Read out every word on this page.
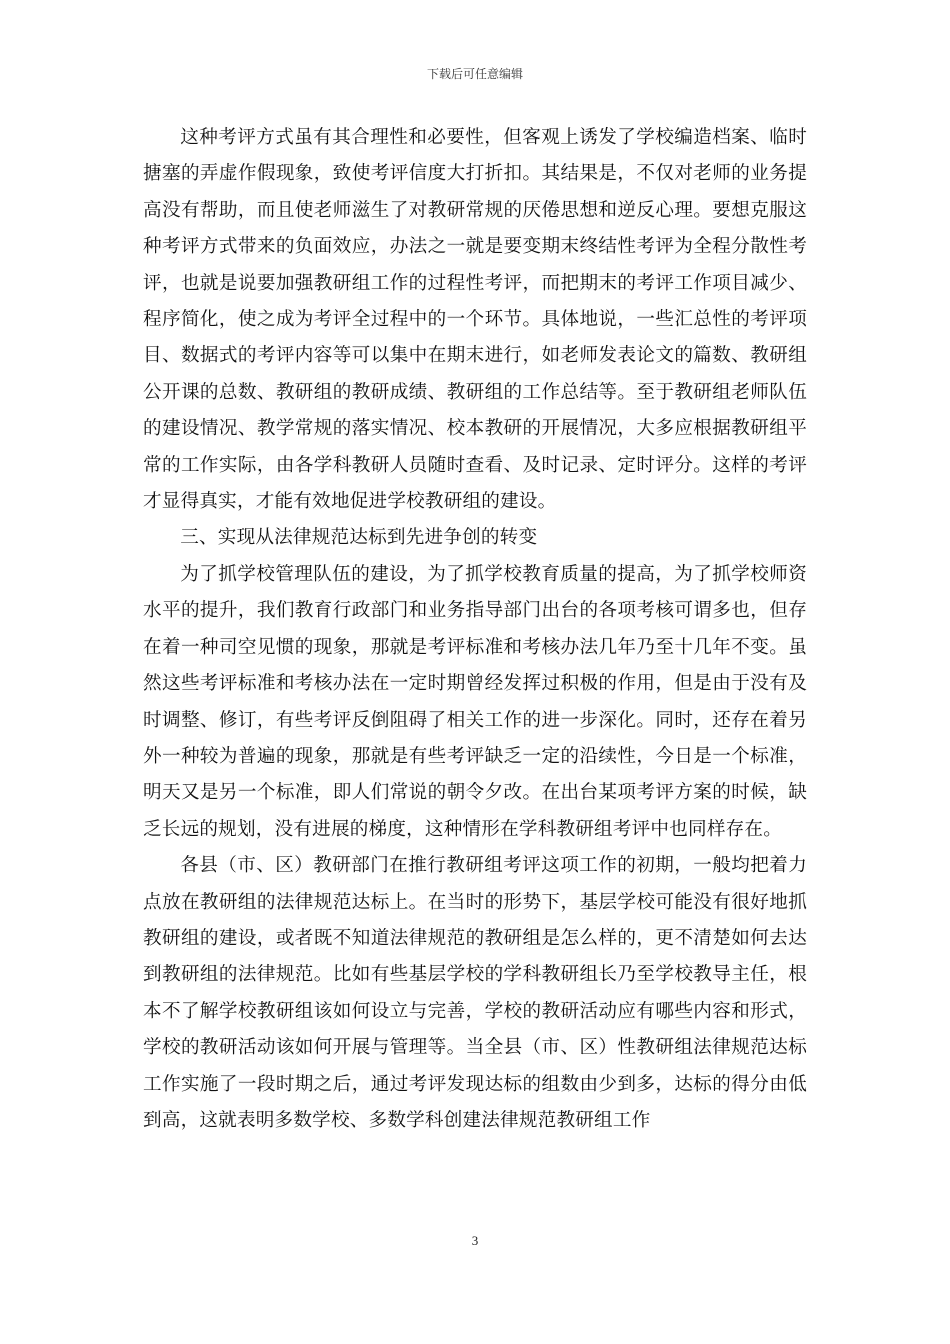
下载后可任意编辑

这种考评方式虽有其合理性和必要性，但客观上诱发了学校编造档案、临时搪塞的弄虚作假现象，致使考评信度大打折扣。其结果是，不仅对老师的业务提高没有帮助，而且使老师滋生了对教研常规的厌倦思想和逆反心理。要想克服这种考评方式带来的负面效应，办法之一就是要变期末终结性考评为全程分散性考评，也就是说要加强教研组工作的过程性考评，而把期末的考评工作项目减少、程序简化，使之成为考评全过程中的一个环节。具体地说，一些汇总性的考评项目、数据式的考评内容等可以集中在期末进行，如老师发表论文的篇数、教研组公开课的总数、教研组的教研成绩、教研组的工作总结等。至于教研组老师队伍的建设情况、教学常规的落实情况、校本教研的开展情况，大多应根据教研组平常的工作实际，由各学科教研人员随时查看、及时记录、定时评分。这样的考评才显得真实，才能有效地促进学校教研组的建设。

三、实现从法律规范达标到先进争创的转变

为了抓学校管理队伍的建设，为了抓学校教育质量的提高，为了抓学校师资水平的提升，我们教育行政部门和业务指导部门出台的各项考核可谓多也，但存在着一种司空见惯的现象，那就是考评标准和考核办法几年乃至十几年不变。虽然这些考评标准和考核办法在一定时期曾经发挥过积极的作用，但是由于没有及时调整、修订，有些考评反倒阻碍了相关工作的进一步深化。同时，还存在着另外一种较为普遍的现象，那就是有些考评缺乏一定的沿续性，今日是一个标准，明天又是另一个标准，即人们常说的朝令夕改。在出台某项考评方案的时候，缺乏长远的规划，没有进展的梯度，这种情形在学科教研组考评中也同样存在。

各县（市、区）教研部门在推行教研组考评这项工作的初期，一般均把着力点放在教研组的法律规范达标上。在当时的形势下，基层学校可能没有很好地抓教研组的建设，或者既不知道法律规范的教研组是怎么样的，更不清楚如何去达到教研组的法律规范。比如有些基层学校的学科教研组长乃至学校教导主任，根本不了解学校教研组该如何设立与完善，学校的教研活动应有哪些内容和形式，学校的教研活动该如何开展与管理等。当全县（市、区）性教研组法律规范达标工作实施了一段时期之后，通过考评发现达标的组数由少到多，达标的得分由低到高，这就表明多数学校、多数学科创建法律规范教研组工作

3
